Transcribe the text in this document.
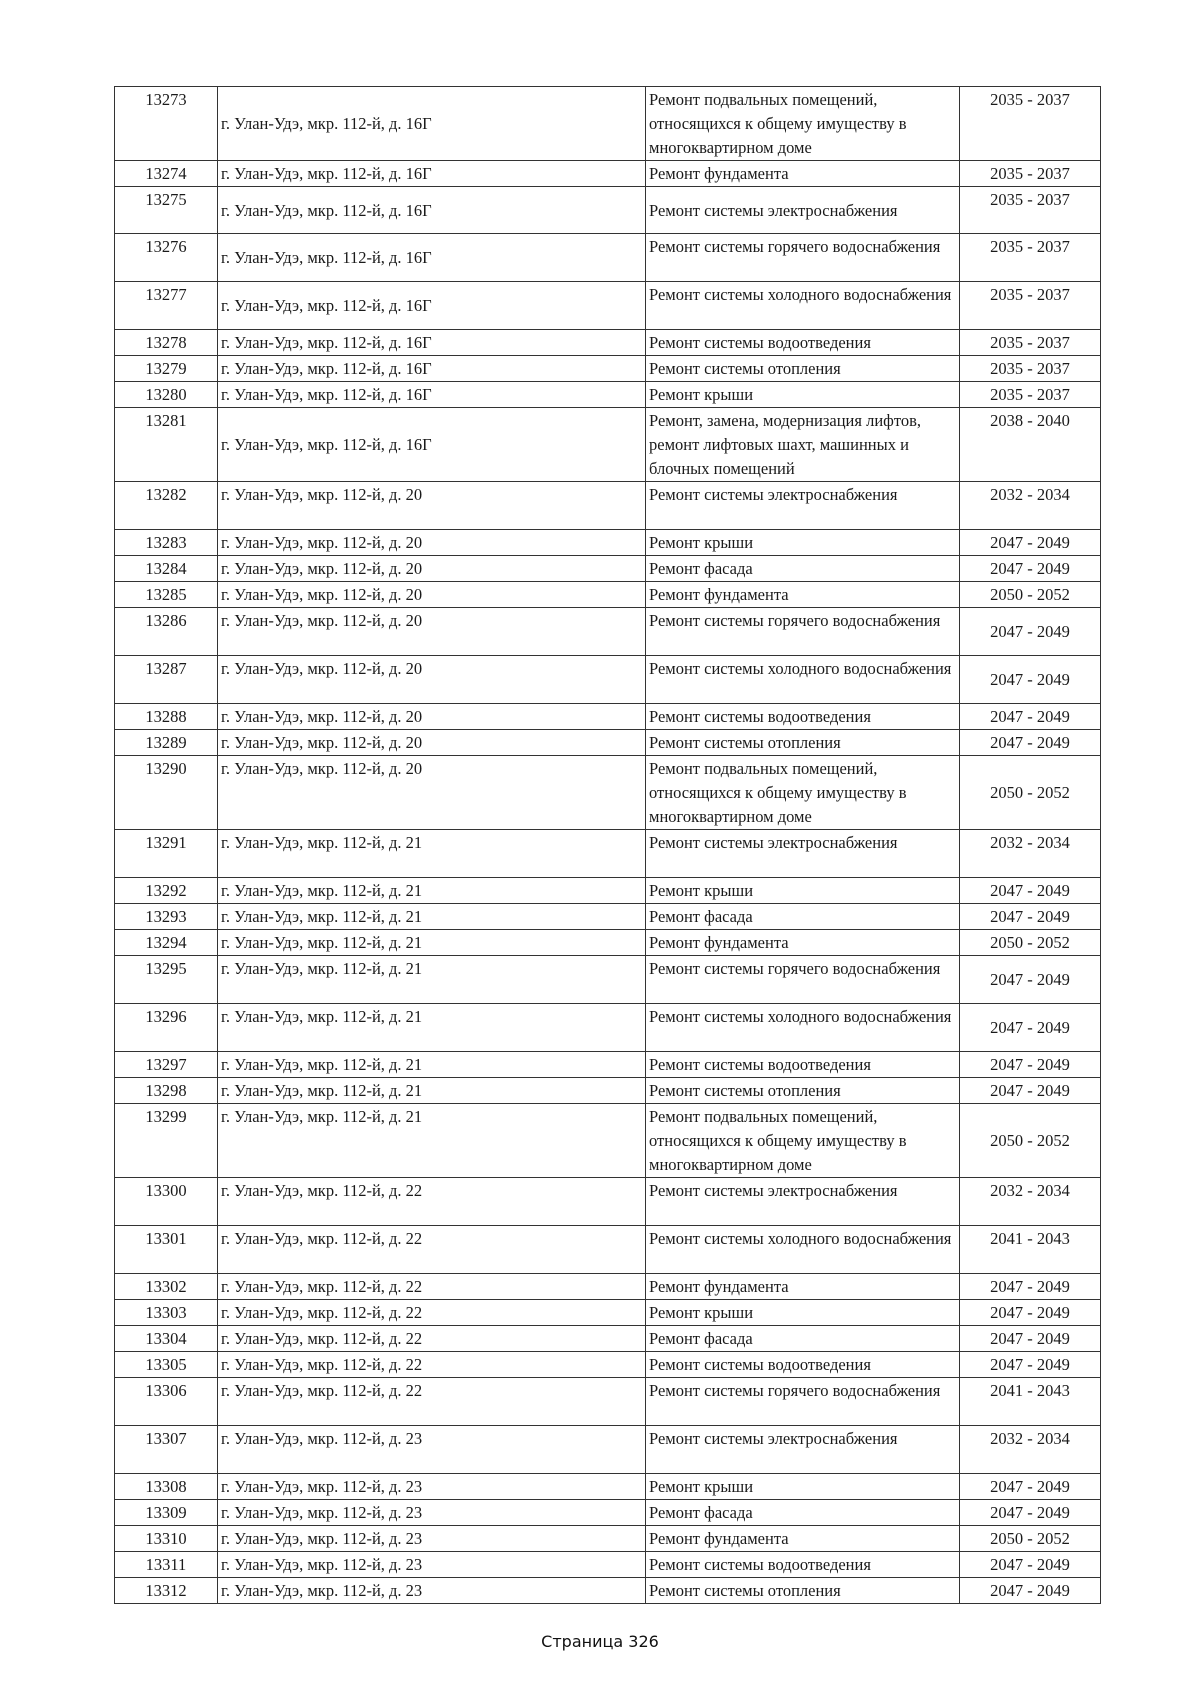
13273	г. Улан-Удэ, мкр. 112-й, д. 16Г	Ремонт подвальных помещений, относящихся к общему имуществу в многоквартирном доме	2035 - 2037
13274	г. Улан-Удэ, мкр. 112-й, д. 16Г	Ремонт фундамента	2035 - 2037
13275	г. Улан-Удэ, мкр. 112-й, д. 16Г	Ремонт системы электроснабжения	2035 - 2037
13276	г. Улан-Удэ, мкр. 112-й, д. 16Г	Ремонт системы горячего водоснабжения	2035 - 2037
13277	г. Улан-Удэ, мкр. 112-й, д. 16Г	Ремонт системы холодного водоснабжения	2035 - 2037
13278	г. Улан-Удэ, мкр. 112-й, д. 16Г	Ремонт системы водоотведения	2035 - 2037
13279	г. Улан-Удэ, мкр. 112-й, д. 16Г	Ремонт системы отопления	2035 - 2037
13280	г. Улан-Удэ, мкр. 112-й, д. 16Г	Ремонт крыши	2035 - 2037
13281	г. Улан-Удэ, мкр. 112-й, д. 16Г	Ремонт, замена, модернизация лифтов, ремонт лифтовых шахт, машинных и блочных помещений	2038 - 2040
13282	г. Улан-Удэ, мкр. 112-й, д. 20	Ремонт системы электроснабжения	2032 - 2034
13283	г. Улан-Удэ, мкр. 112-й, д. 20	Ремонт крыши	2047 - 2049
13284	г. Улан-Удэ, мкр. 112-й, д. 20	Ремонт фасада	2047 - 2049
13285	г. Улан-Удэ, мкр. 112-й, д. 20	Ремонт фундамента	2050 - 2052
13286	г. Улан-Удэ, мкр. 112-й, д. 20	Ремонт системы горячего водоснабжения	2047 - 2049
13287	г. Улан-Удэ, мкр. 112-й, д. 20	Ремонт системы холодного водоснабжения	2047 - 2049
13288	г. Улан-Удэ, мкр. 112-й, д. 20	Ремонт системы водоотведения	2047 - 2049
13289	г. Улан-Удэ, мкр. 112-й, д. 20	Ремонт системы отопления	2047 - 2049
13290	г. Улан-Удэ, мкр. 112-й, д. 20	Ремонт подвальных помещений, относящихся к общему имуществу в многоквартирном доме	2050 - 2052
13291	г. Улан-Удэ, мкр. 112-й, д. 21	Ремонт системы электроснабжения	2032 - 2034
13292	г. Улан-Удэ, мкр. 112-й, д. 21	Ремонт крыши	2047 - 2049
13293	г. Улан-Удэ, мкр. 112-й, д. 21	Ремонт фасада	2047 - 2049
13294	г. Улан-Удэ, мкр. 112-й, д. 21	Ремонт фундамента	2050 - 2052
13295	г. Улан-Удэ, мкр. 112-й, д. 21	Ремонт системы горячего водоснабжения	2047 - 2049
13296	г. Улан-Удэ, мкр. 112-й, д. 21	Ремонт системы холодного водоснабжения	2047 - 2049
13297	г. Улан-Удэ, мкр. 112-й, д. 21	Ремонт системы водоотведения	2047 - 2049
13298	г. Улан-Удэ, мкр. 112-й, д. 21	Ремонт системы отопления	2047 - 2049
13299	г. Улан-Удэ, мкр. 112-й, д. 21	Ремонт подвальных помещений, относящихся к общему имуществу в многоквартирном доме	2050 - 2052
13300	г. Улан-Удэ, мкр. 112-й, д. 22	Ремонт системы электроснабжения	2032 - 2034
13301	г. Улан-Удэ, мкр. 112-й, д. 22	Ремонт системы холодного водоснабжения	2041 - 2043
13302	г. Улан-Удэ, мкр. 112-й, д. 22	Ремонт фундамента	2047 - 2049
13303	г. Улан-Удэ, мкр. 112-й, д. 22	Ремонт крыши	2047 - 2049
13304	г. Улан-Удэ, мкр. 112-й, д. 22	Ремонт фасада	2047 - 2049
13305	г. Улан-Удэ, мкр. 112-й, д. 22	Ремонт системы водоотведения	2047 - 2049
13306	г. Улан-Удэ, мкр. 112-й, д. 22	Ремонт системы горячего водоснабжения	2041 - 2043
13307	г. Улан-Удэ, мкр. 112-й, д. 23	Ремонт системы электроснабжения	2032 - 2034
13308	г. Улан-Удэ, мкр. 112-й, д. 23	Ремонт крыши	2047 - 2049
13309	г. Улан-Удэ, мкр. 112-й, д. 23	Ремонт фасада	2047 - 2049
13310	г. Улан-Удэ, мкр. 112-й, д. 23	Ремонт фундамента	2050 - 2052
13311	г. Улан-Удэ, мкр. 112-й, д. 23	Ремонт системы водоотведения	2047 - 2049
13312	г. Улан-Удэ, мкр. 112-й, д. 23	Ремонт системы отопления	2047 - 2049
Страница 326
